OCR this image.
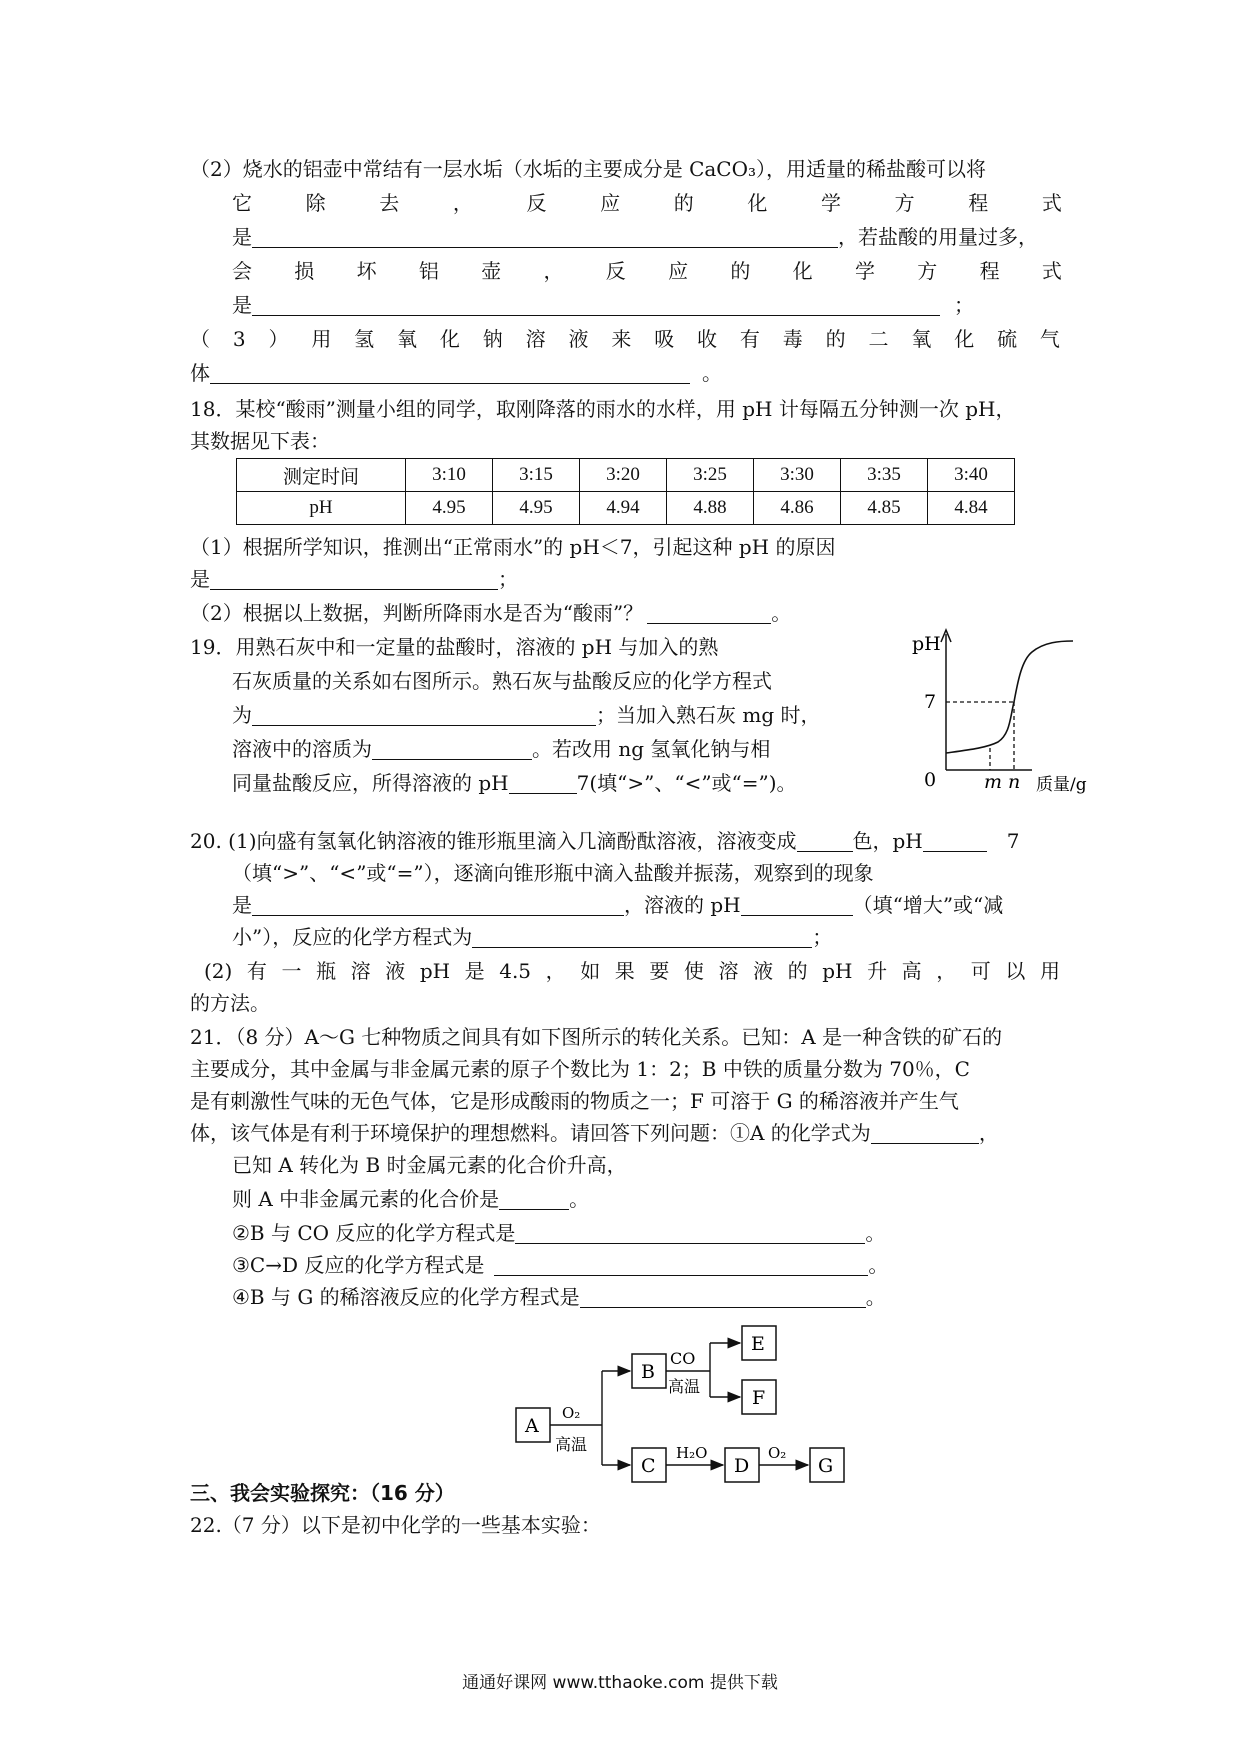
（2）烧水的铝壶中常结有一层水垢（水垢的主要成分是 CaCO₃），用适量的稀盐酸可以将
它	除	去	，	反	应	的	化	学	方	程	式
是	，若盐酸的用量过多，
会 损 坏 铝 壶 ， 反 应 的 化 学 方 程 式
是	；
（ 3 ） 用 氢 氧 化 钠 溶 液 来 吸 收 有 毒 的 二 氧 化 硫 气
体	。
18．某校“酸雨”测量小组的同学，取刚降落的雨水的水样，用 pH 计每隔五分钟测一次 pH，
其数据见下表：
测定时间	3:10	3:15	3:20	3:25	3:30	3:35	3:40
pH	4.95	4.95	4.94	4.88	4.86	4.85	4.84
（1）根据所学知识，推测出“正常雨水”的 pH＜7，引起这种 pH 的原因
是	；
（2）根据以上数据，判断所降雨水是否为“酸雨”？	。
19．用熟石灰中和一定量的盐酸时，溶液的 pH 与加入的熟
石灰质量的关系如右图所示。熟石灰与盐酸反应的化学方程式
为	；当加入熟石灰 mg 时，
溶液中的溶质为	。若改用 ng 氢氧化钠与相
同量盐酸反应，所得溶液的 pH	7(填“>”、“<”或“=”)。
pH
7
0	m n 质量/g
20. (1)向盛有氢氧化钠溶液的锥形瓶里滴入几滴酚酞溶液，溶液变成	色，pH	7
（填“>”、“<”或“=”），逐滴向锥形瓶中滴入盐酸并振荡，观察到的现象
是	，溶液的 pH	（填“增大”或“减
小”），反应的化学方程式为	；
(2) 有 一 瓶 溶 液 pH 是 4.5 ， 如 果 要 使 溶 液 的 pH 升 高 ， 可 以 用
的方法。
21．（8 分）A～G 七种物质之间具有如下图所示的转化关系。已知：A 是一种含铁的矿石的
主要成分，其中金属与非金属元素的原子个数比为 1：2；B 中铁的质量分数为 70％，C
是有刺激性气味的无色气体，它是形成酸雨的物质之一；F 可溶于 G 的稀溶液并产生气
体，该气体是有利于环境保护的理想燃料。请回答下列问题：①A 的化学式为	，
已知 A 转化为 B 时金属元素的化合价升高，
则 A 中非金属元素的化合价是	。
②B 与 CO 反应的化学方程式是	。
③C→D 反应的化学方程式是	。
④B 与 G 的稀溶液反应的化学方程式是	。
A
B
C	D
E
F
G
O₂
高温
CO
高温
H₂O	O₂
三、我会实验探究：（16 分）
22.（7 分）以下是初中化学的一些基本实验：
通通好课网 www.tthaoke.com 提供下载
